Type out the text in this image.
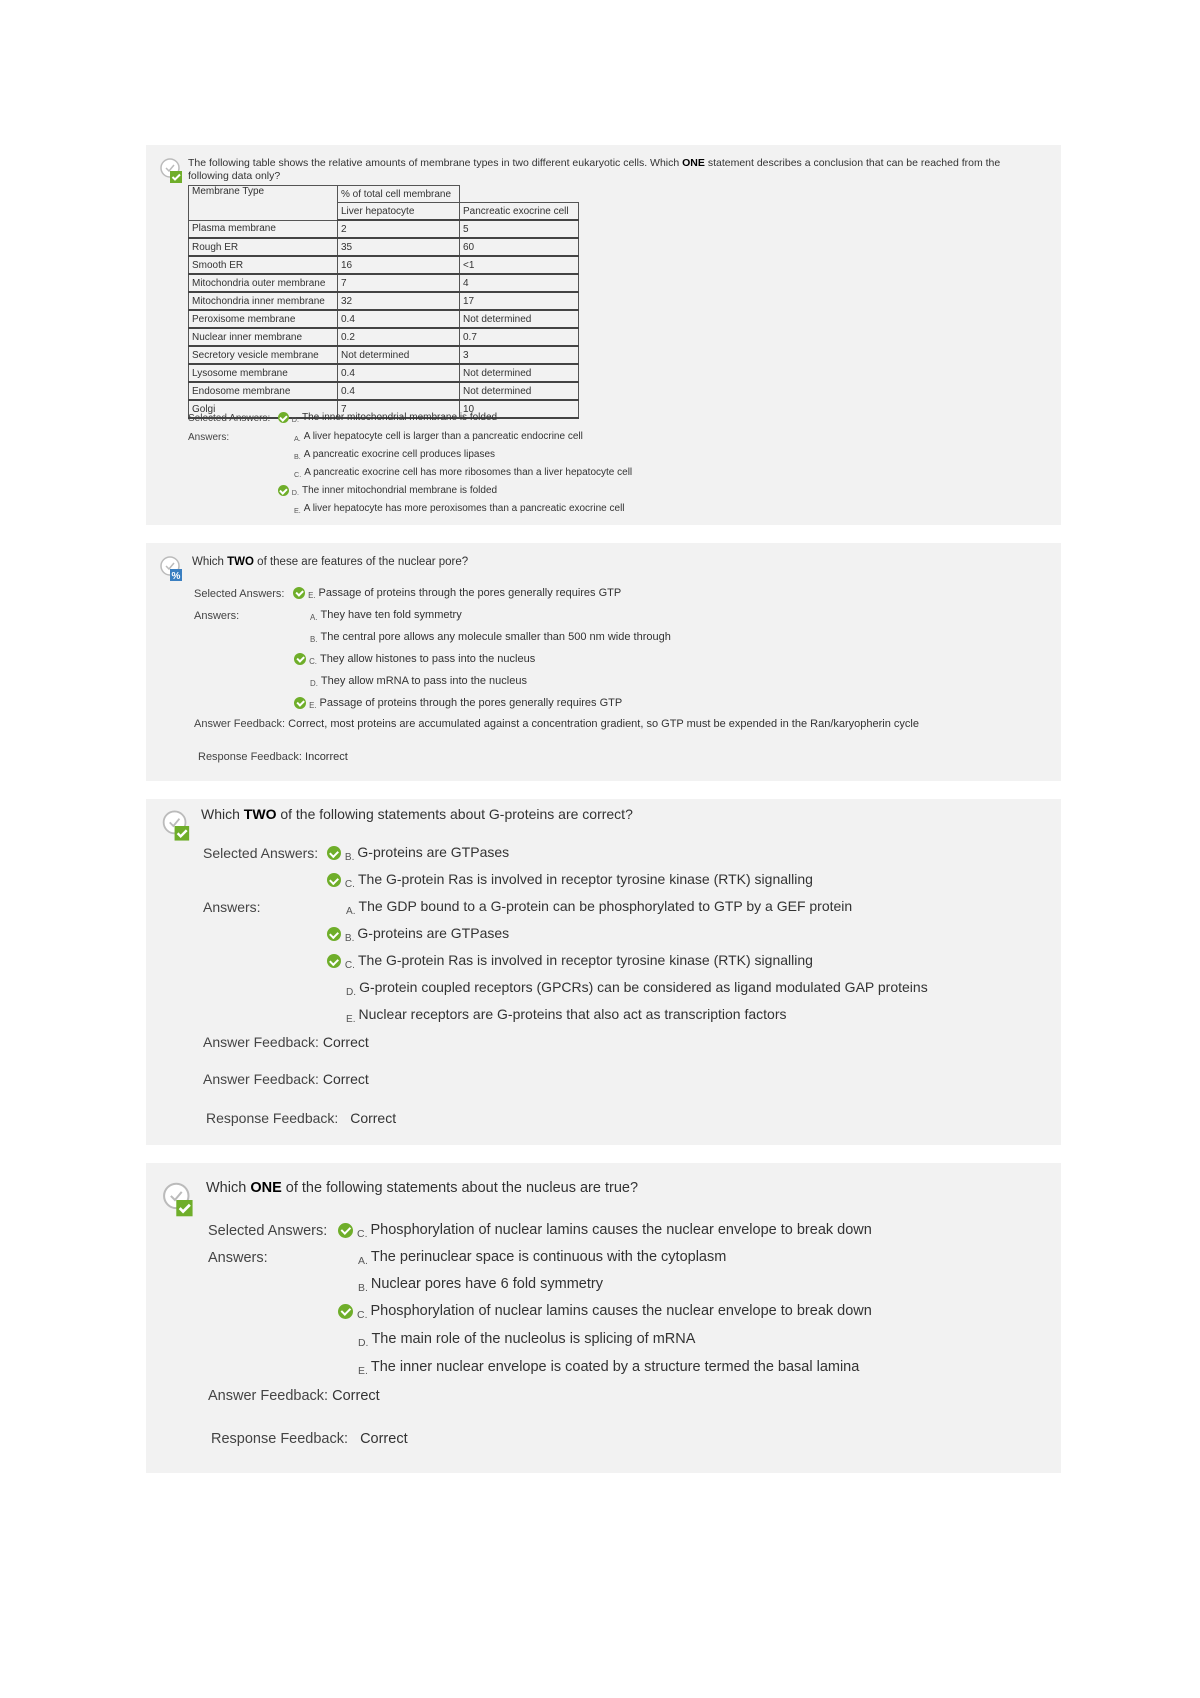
The following table shows the relative amounts of membrane types in two different eukaryotic cells. Which ONE statement describes a conclusion that can be reached from the
following data only?
Membrane Type	% of total cell membrane	
	Liver hepatocyte	Pancreatic exocrine cell
Plasma membrane	2	5
Rough ER	35	60
Smooth ER	16	<1
Mitochondria outer membrane	7	4
Mitochondria inner membrane	32	17
Peroxisome membrane	0.4	Not determined
Nuclear inner membrane	0.2	0.7
Secretory vesicle membrane	Not determined	3
Lysosome membrane	0.4	Not determined
Endosome membrane	0.4	Not determined
Golgi	7	10
Selected Answers:	D. The inner mitochondrial membrane is folded
Answers:	A. A liver hepatocyte cell is larger than a pancreatic endocrine cell
B. A pancreatic exocrine cell produces lipases
C. A pancreatic exocrine cell has more ribosomes than a liver hepatocyte cell
D. The inner mitochondrial membrane is folded
E. A liver hepatocyte has more peroxisomes than a pancreatic exocrine cell
%
Which TWO of these are features of the nuclear pore?
Selected Answers:	E. Passage of proteins through the pores generally requires GTP
Answers:	A. They have ten fold symmetry
B. The central pore allows any molecule smaller than 500 nm wide through
C. They allow histones to pass into the nucleus
D. They allow mRNA to pass into the nucleus
E. Passage of proteins through the pores generally requires GTP
Answer Feedback: Correct, most proteins are accumulated against a concentration gradient, so GTP must be expended in the Ran/karyopherin cycle
Response Feedback: Incorrect
Which TWO of the following statements about G-proteins are correct?
Selected Answers:	B. G-proteins are GTPases
C. The G-protein Ras is involved in receptor tyrosine kinase (RTK) signalling
Answers:	A. The GDP bound to a G-protein can be phosphorylated to GTP by a GEF protein
B. G-proteins are GTPases
C. The G-protein Ras is involved in receptor tyrosine kinase (RTK) signalling
D. G-protein coupled receptors (GPCRs) can be considered as ligand modulated GAP proteins
E. Nuclear receptors are G-proteins that also act as transcription factors
Answer Feedback: Correct
Answer Feedback: Correct
Response Feedback: Correct
Which ONE of the following statements about the nucleus are true?
Selected Answers:	C. Phosphorylation of nuclear lamins causes the nuclear envelope to break down
Answers:	A. The perinuclear space is continuous with the cytoplasm
B. Nuclear pores have 6 fold symmetry
C. Phosphorylation of nuclear lamins causes the nuclear envelope to break down
D. The main role of the nucleolus is splicing of mRNA
E. The inner nuclear envelope is coated by a structure termed the basal lamina
Answer Feedback: Correct
Response Feedback: Correct
